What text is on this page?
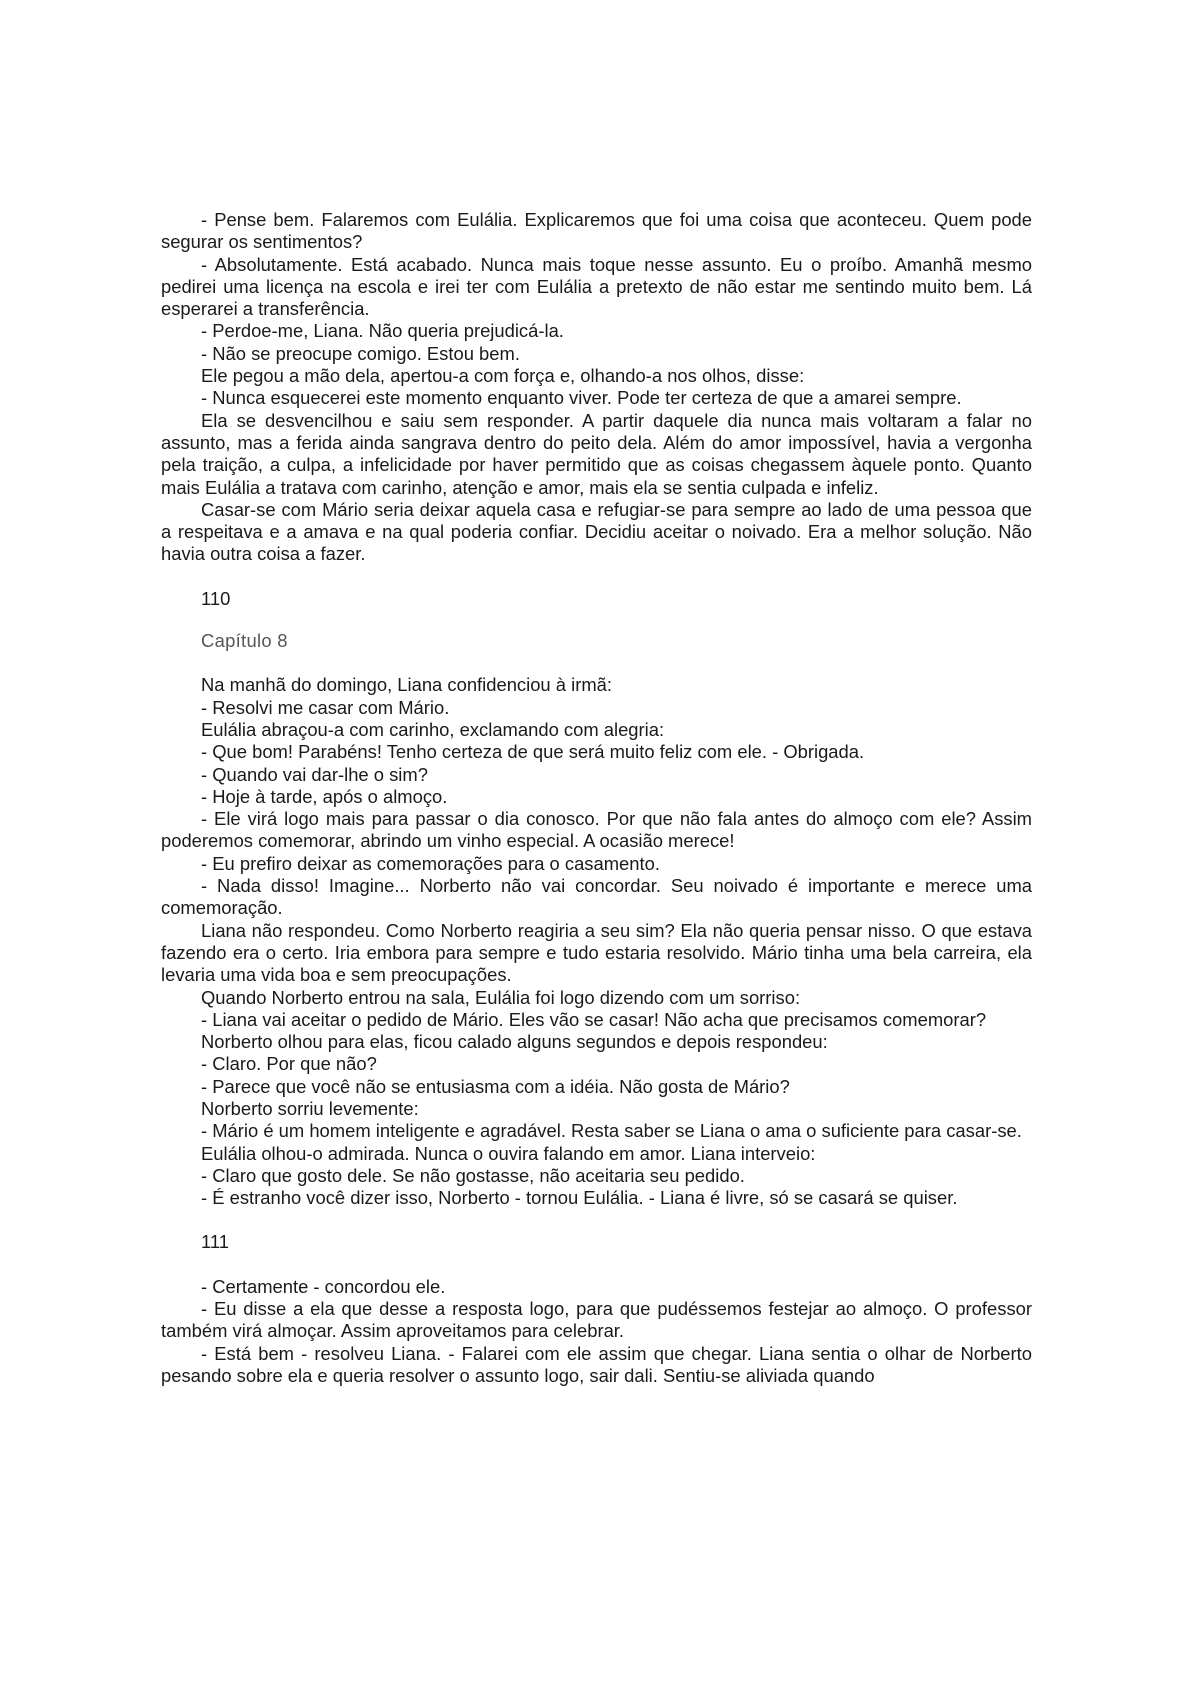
- Pense bem. Falaremos com Eulália. Explicaremos que foi uma coisa que aconteceu. Quem pode segurar os sentimentos?

- Absolutamente. Está acabado. Nunca mais toque nesse assunto. Eu o proíbo. Amanhã mesmo pedirei uma licença na escola e irei ter com Eulália a pretexto de não estar me sentindo muito bem. Lá esperarei a transferência.

- Perdoe-me, Liana. Não queria prejudicá-la.

- Não se preocupe comigo. Estou bem.

Ele pegou a mão dela, apertou-a com força e, olhando-a nos olhos, disse:

- Nunca esquecerei este momento enquanto viver. Pode ter certeza de que a amarei sempre.

Ela se desvencilhou e saiu sem responder. A partir daquele dia nunca mais voltaram a falar no assunto, mas a ferida ainda sangrava dentro do peito dela. Além do amor impossível, havia a vergonha pela traição, a culpa, a infelicidade por haver permitido que as coisas chegassem àquele ponto. Quanto mais Eulália a tratava com carinho, atenção e amor, mais ela se sentia culpada e infeliz.

Casar-se com Mário seria deixar aquela casa e refugiar-se para sempre ao lado de uma pessoa que a respeitava e a amava e na qual poderia confiar. Decidiu aceitar o noivado. Era a melhor solução. Não havia outra coisa a fazer.

110

Capítulo 8

Na manhã do domingo, Liana confidenciou à irmã:

- Resolvi me casar com Mário.

Eulália abraçou-a com carinho, exclamando com alegria:

- Que bom! Parabéns! Tenho certeza de que será muito feliz com ele. - Obrigada.

- Quando vai dar-lhe o sim?

- Hoje à tarde, após o almoço.

- Ele virá logo mais para passar o dia conosco. Por que não fala antes do almoço com ele? Assim poderemos comemorar, abrindo um vinho especial. A ocasião merece!

- Eu prefiro deixar as comemorações para o casamento.

- Nada disso! Imagine... Norberto não vai concordar. Seu noivado é importante e merece uma comemoração.

Liana não respondeu. Como Norberto reagiria a seu sim? Ela não queria pensar nisso. O que estava fazendo era o certo. Iria embora para sempre e tudo estaria resolvido. Mário tinha uma bela carreira, ela levaria uma vida boa e sem preocupações.

Quando Norberto entrou na sala, Eulália foi logo dizendo com um sorriso:

- Liana vai aceitar o pedido de Mário. Eles vão se casar! Não acha que precisamos comemorar?

Norberto olhou para elas, ficou calado alguns segundos e depois respondeu:

- Claro. Por que não?

- Parece que você não se entusiasma com a idéia. Não gosta de Mário?

Norberto sorriu levemente:

- Mário é um homem inteligente e agradável. Resta saber se Liana o ama o suficiente para casar-se.

Eulália olhou-o admirada. Nunca o ouvira falando em amor. Liana interveio:

- Claro que gosto dele. Se não gostasse, não aceitaria seu pedido.

- É estranho você dizer isso, Norberto - tornou Eulália. - Liana é livre, só se casará se quiser.

111

- Certamente - concordou ele.

- Eu disse a ela que desse a resposta logo, para que pudéssemos festejar ao almoço. O professor também virá almoçar. Assim aproveitamos para celebrar.

- Está bem - resolveu Liana. - Falarei com ele assim que chegar. Liana sentia o olhar de Norberto pesando sobre ela e queria resolver o assunto logo, sair dali. Sentiu-se aliviada quando
